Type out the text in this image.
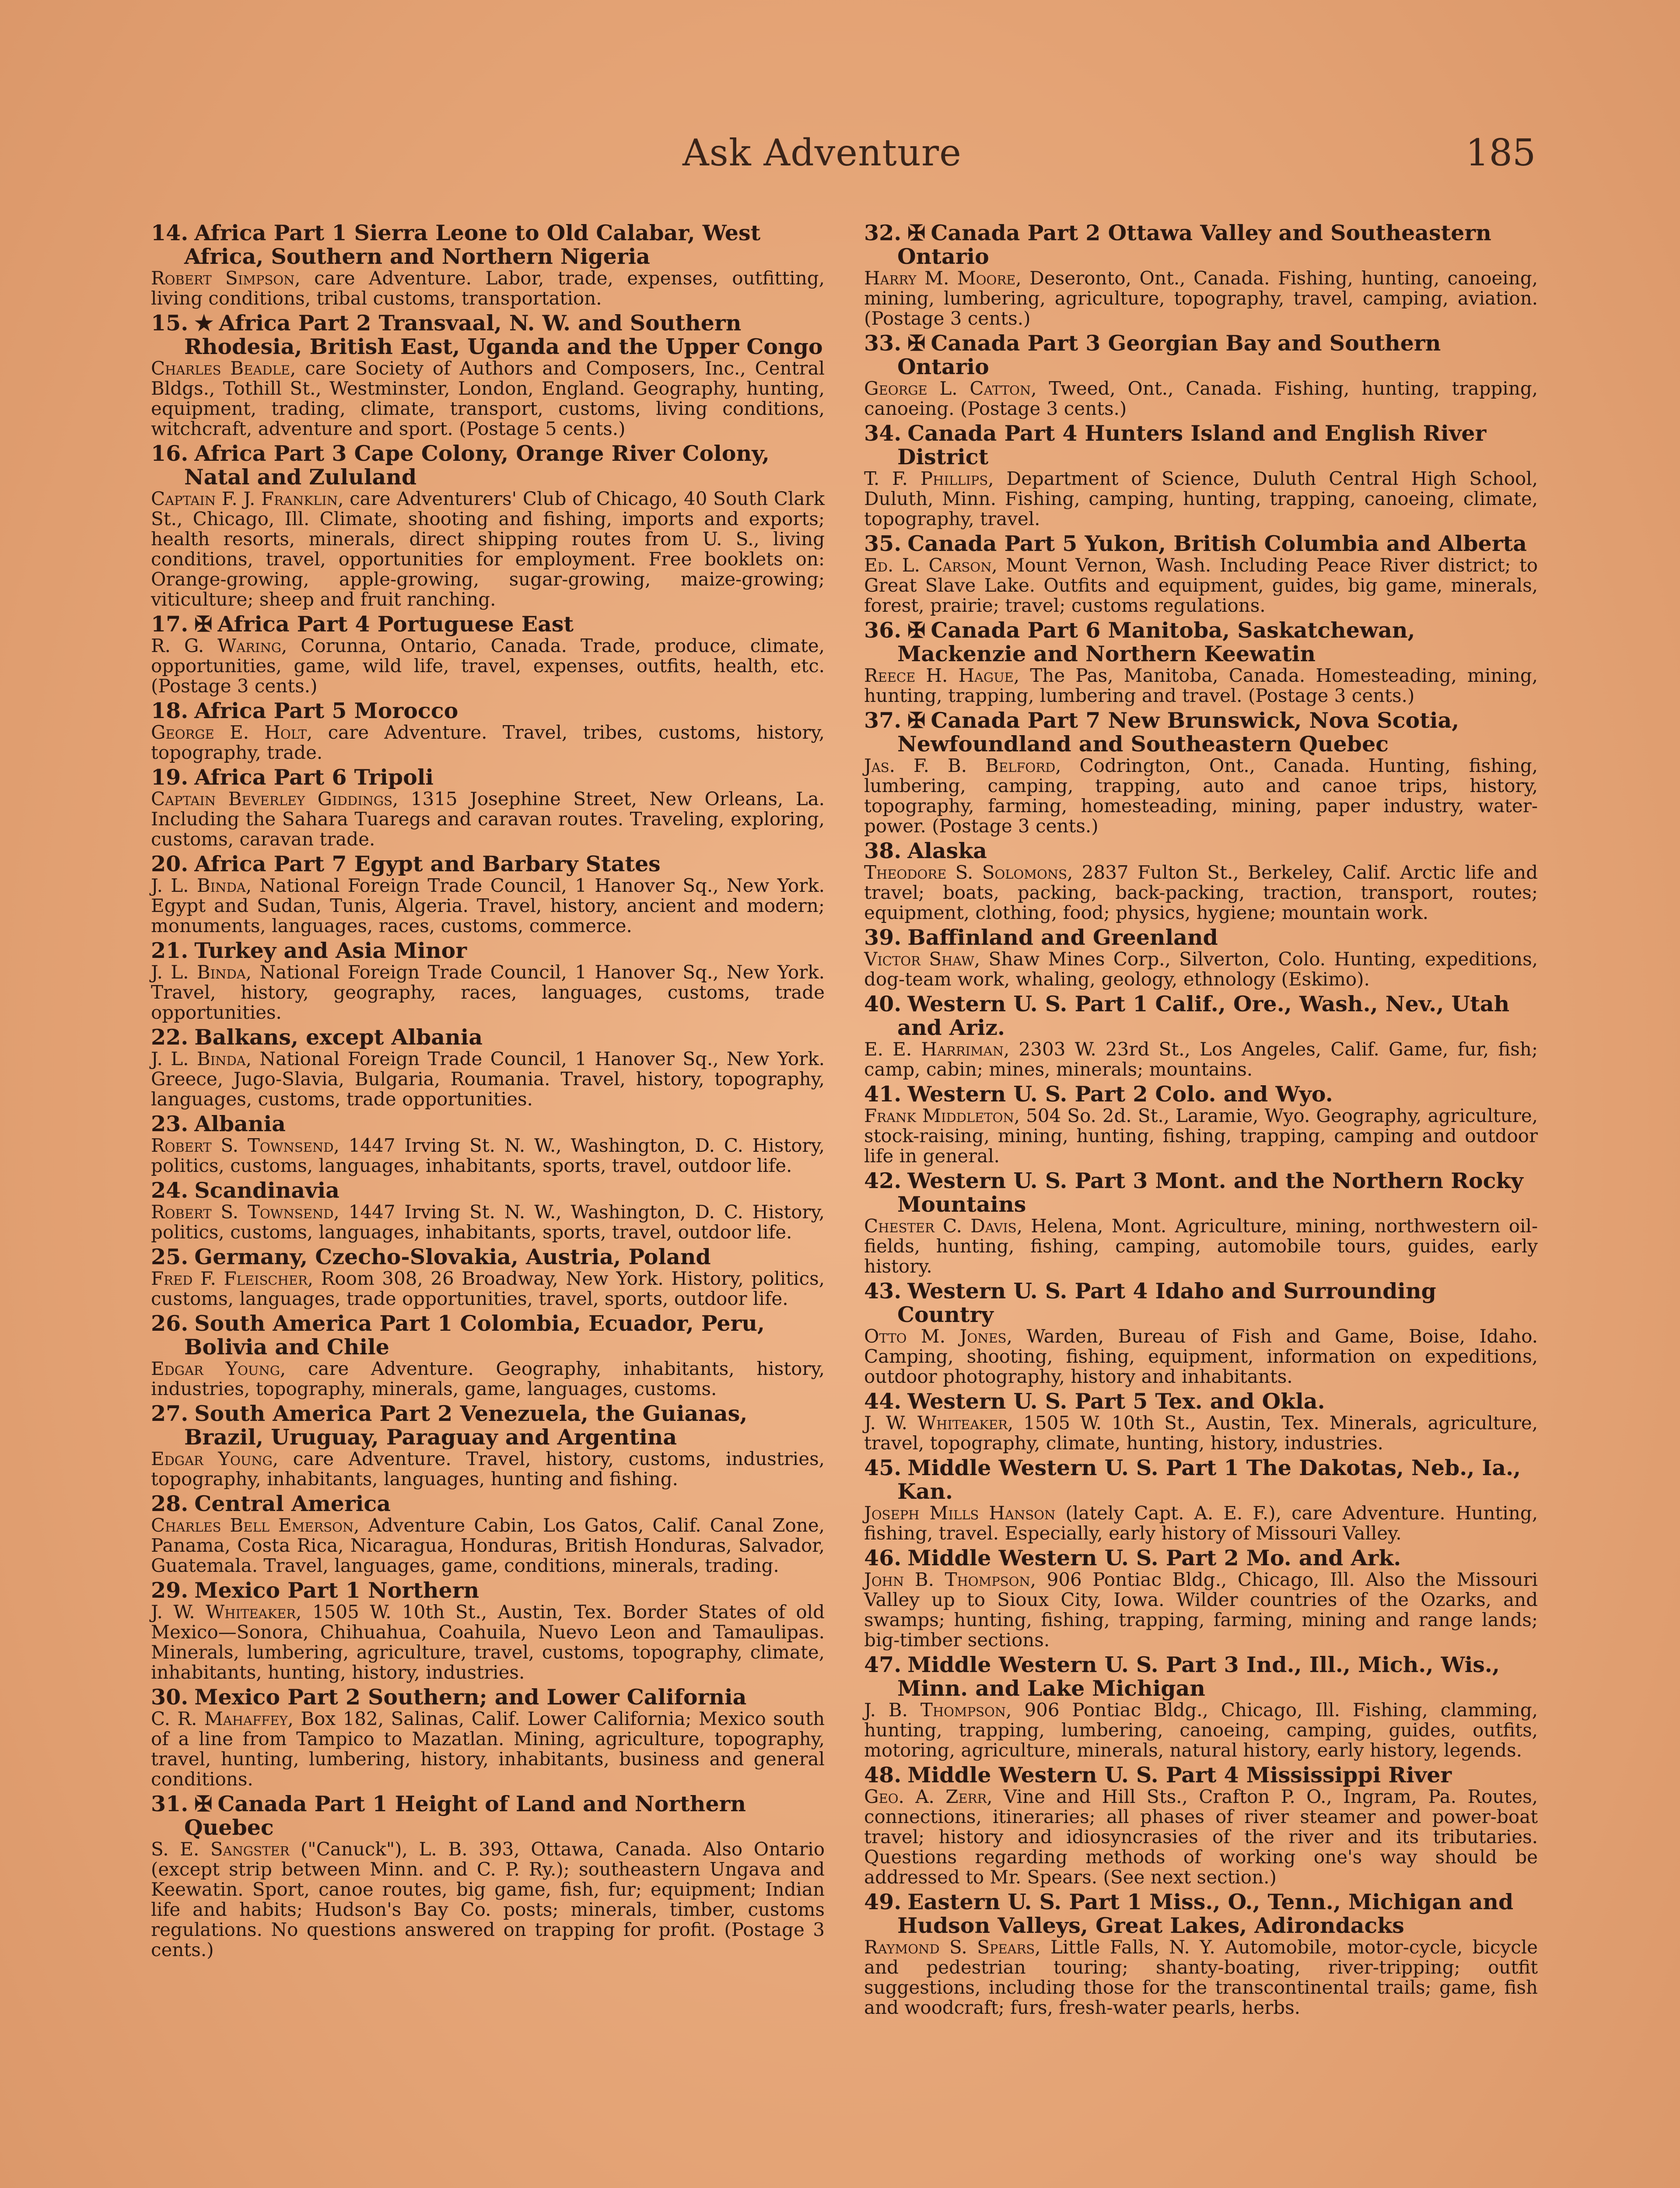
Ask Adventure	185
14. Africa Part 1 Sierra Leone to Old Calabar, West Africa, Southern and Northern Nigeria
Robert Simpson, care Adventure. Labor, trade, expenses, outfitting, living conditions, tribal customs, transportation.
15. ★ Africa Part 2 Transvaal, N. W. and Southern Rhodesia, British East, Uganda and the Upper Congo
Charles Beadle, care Society of Authors and Composers, Inc., Central Bldgs., Tothill St., Westminster, London, England. Geography, hunting, equipment, trading, climate, transport, customs, living conditions, witchcraft, adventure and sport. (Postage 5 cents.)
16. Africa Part 3 Cape Colony, Orange River Colony, Natal and Zululand
Captain F. J. Franklin, care Adventurers' Club of Chicago, 40 South Clark St., Chicago, Ill. Climate, shooting and fishing, imports and exports; health resorts, minerals, direct shipping routes from U. S., living conditions, travel, opportunities for employment. Free booklets on: Orange-growing, apple-growing, sugar-growing, maize-growing; viticulture; sheep and fruit ranching.
17. ✠ Africa Part 4 Portuguese East
R. G. Waring, Corunna, Ontario, Canada. Trade, produce, climate, opportunities, game, wild life, travel, expenses, outfits, health, etc. (Postage 3 cents.)
18. Africa Part 5 Morocco
George E. Holt, care Adventure. Travel, tribes, customs, history, topography, trade.
19. Africa Part 6 Tripoli
Captain Beverley Giddings, 1315 Josephine Street, New Orleans, La. Including the Sahara Tuaregs and caravan routes. Traveling, exploring, customs, caravan trade.
20. Africa Part 7 Egypt and Barbary States
J. L. Binda, National Foreign Trade Council, 1 Hanover Sq., New York. Egypt and Sudan, Tunis, Algeria. Travel, history, ancient and modern; monuments, languages, races, customs, commerce.
21. Turkey and Asia Minor
J. L. Binda, National Foreign Trade Council, 1 Hanover Sq., New York. Travel, history, geography, races, languages, customs, trade opportunities.
22. Balkans, except Albania
J. L. Binda, National Foreign Trade Council, 1 Hanover Sq., New York. Greece, Jugo-Slavia, Bulgaria, Roumania. Travel, history, topography, languages, customs, trade opportunities.
23. Albania
Robert S. Townsend, 1447 Irving St. N. W., Washington, D. C. History, politics, customs, languages, inhabitants, sports, travel, outdoor life.
24. Scandinavia
Robert S. Townsend, 1447 Irving St. N. W., Washington, D. C. History, politics, customs, languages, inhabitants, sports, travel, outdoor life.
25. Germany, Czecho-Slovakia, Austria, Poland
Fred F. Fleischer, Room 308, 26 Broadway, New York. History, politics, customs, languages, trade opportunities, travel, sports, outdoor life.
26. South America Part 1 Colombia, Ecuador, Peru, Bolivia and Chile
Edgar Young, care Adventure. Geography, inhabitants, history, industries, topography, minerals, game, languages, customs.
27. South America Part 2 Venezuela, the Guianas, Brazil, Uruguay, Paraguay and Argentina
Edgar Young, care Adventure. Travel, history, customs, industries, topography, inhabitants, languages, hunting and fishing.
28. Central America
Charles Bell Emerson, Adventure Cabin, Los Gatos, Calif. Canal Zone, Panama, Costa Rica, Nicaragua, Honduras, British Honduras, Salvador, Guatemala. Travel, languages, game, conditions, minerals, trading.
29. Mexico Part 1 Northern
J. W. Whiteaker, 1505 W. 10th St., Austin, Tex. Border States of old Mexico—Sonora, Chihuahua, Coahuila, Nuevo Leon and Tamaulipas. Minerals, lumbering, agriculture, travel, customs, topography, climate, inhabitants, hunting, history, industries.
30. Mexico Part 2 Southern; and Lower California
C. R. Mahaffey, Box 182, Salinas, Calif. Lower California; Mexico south of a line from Tampico to Mazatlan. Mining, agriculture, topography, travel, hunting, lumbering, history, inhabitants, business and general conditions.
31. ✠ Canada Part 1 Height of Land and Northern Quebec
S. E. Sangster ("Canuck"), L. B. 393, Ottawa, Canada. Also Ontario (except strip between Minn. and C. P. Ry.); southeastern Ungava and Keewatin. Sport, canoe routes, big game, fish, fur; equipment; Indian life and habits; Hudson's Bay Co. posts; minerals, timber, customs regulations. No questions answered on trapping for profit. (Postage 3 cents.)
32. ✠ Canada Part 2 Ottawa Valley and Southeastern Ontario
Harry M. Moore, Deseronto, Ont., Canada. Fishing, hunting, canoeing, mining, lumbering, agriculture, topography, travel, camping, aviation. (Postage 3 cents.)
33. ✠ Canada Part 3 Georgian Bay and Southern Ontario
George L. Catton, Tweed, Ont., Canada. Fishing, hunting, trapping, canoeing. (Postage 3 cents.)
34. Canada Part 4 Hunters Island and English River District
T. F. Phillips, Department of Science, Duluth Central High School, Duluth, Minn. Fishing, camping, hunting, trapping, canoeing, climate, topography, travel.
35. Canada Part 5 Yukon, British Columbia and Alberta
Ed. L. Carson, Mount Vernon, Wash. Including Peace River district; to Great Slave Lake. Outfits and equipment, guides, big game, minerals, forest, prairie; travel; customs regulations.
36. ✠ Canada Part 6 Manitoba, Saskatchewan, Mackenzie and Northern Keewatin
Reece H. Hague, The Pas, Manitoba, Canada. Homesteading, mining, hunting, trapping, lumbering and travel. (Postage 3 cents.)
37. ✠ Canada Part 7 New Brunswick, Nova Scotia, Newfoundland and Southeastern Quebec
Jas. F. B. Belford, Codrington, Ont., Canada. Hunting, fishing, lumbering, camping, trapping, auto and canoe trips, history, topography, farming, homesteading, mining, paper industry, water-power. (Postage 3 cents.)
38. Alaska
Theodore S. Solomons, 2837 Fulton St., Berkeley, Calif. Arctic life and travel; boats, packing, back-packing, traction, transport, routes; equipment, clothing, food; physics, hygiene; mountain work.
39. Baffinland and Greenland
Victor Shaw, Shaw Mines Corp., Silverton, Colo. Hunting, expeditions, dog-team work, whaling, geology, ethnology (Eskimo).
40. Western U. S. Part 1 Calif., Ore., Wash., Nev., Utah and Ariz.
E. E. Harriman, 2303 W. 23rd St., Los Angeles, Calif. Game, fur, fish; camp, cabin; mines, minerals; mountains.
41. Western U. S. Part 2 Colo. and Wyo.
Frank Middleton, 504 So. 2d. St., Laramie, Wyo. Geography, agriculture, stock-raising, mining, hunting, fishing, trapping, camping and outdoor life in general.
42. Western U. S. Part 3 Mont. and the Northern Rocky Mountains
Chester C. Davis, Helena, Mont. Agriculture, mining, northwestern oil-fields, hunting, fishing, camping, automobile tours, guides, early history.
43. Western U. S. Part 4 Idaho and Surrounding Country
Otto M. Jones, Warden, Bureau of Fish and Game, Boise, Idaho. Camping, shooting, fishing, equipment, information on expeditions, outdoor photography, history and inhabitants.
44. Western U. S. Part 5 Tex. and Okla.
J. W. Whiteaker, 1505 W. 10th St., Austin, Tex. Minerals, agriculture, travel, topography, climate, hunting, history, industries.
45. Middle Western U. S. Part 1 The Dakotas, Neb., Ia., Kan.
Joseph Mills Hanson (lately Capt. A. E. F.), care Adventure. Hunting, fishing, travel. Especially, early history of Missouri Valley.
46. Middle Western U. S. Part 2 Mo. and Ark.
John B. Thompson, 906 Pontiac Bldg., Chicago, Ill. Also the Missouri Valley up to Sioux City, Iowa. Wilder countries of the Ozarks, and swamps; hunting, fishing, trapping, farming, mining and range lands; big-timber sections.
47. Middle Western U. S. Part 3 Ind., Ill., Mich., Wis., Minn. and Lake Michigan
J. B. Thompson, 906 Pontiac Bldg., Chicago, Ill. Fishing, clamming, hunting, trapping, lumbering, canoeing, camping, guides, outfits, motoring, agriculture, minerals, natural history, early history, legends.
48. Middle Western U. S. Part 4 Mississippi River
Geo. A. Zerr, Vine and Hill Sts., Crafton P. O., Ingram, Pa. Routes, connections, itineraries; all phases of river steamer and power-boat travel; history and idiosyncrasies of the river and its tributaries. Questions regarding methods of working one's way should be addressed to Mr. Spears. (See next section.)
49. Eastern U. S. Part 1 Miss., O., Tenn., Michigan and Hudson Valleys, Great Lakes, Adirondacks
Raymond S. Spears, Little Falls, N. Y. Automobile, motor-cycle, bicycle and pedestrian touring; shanty-boating, river-tripping; outfit suggestions, including those for the transcontinental trails; game, fish and woodcraft; furs, fresh-water pearls, herbs.
